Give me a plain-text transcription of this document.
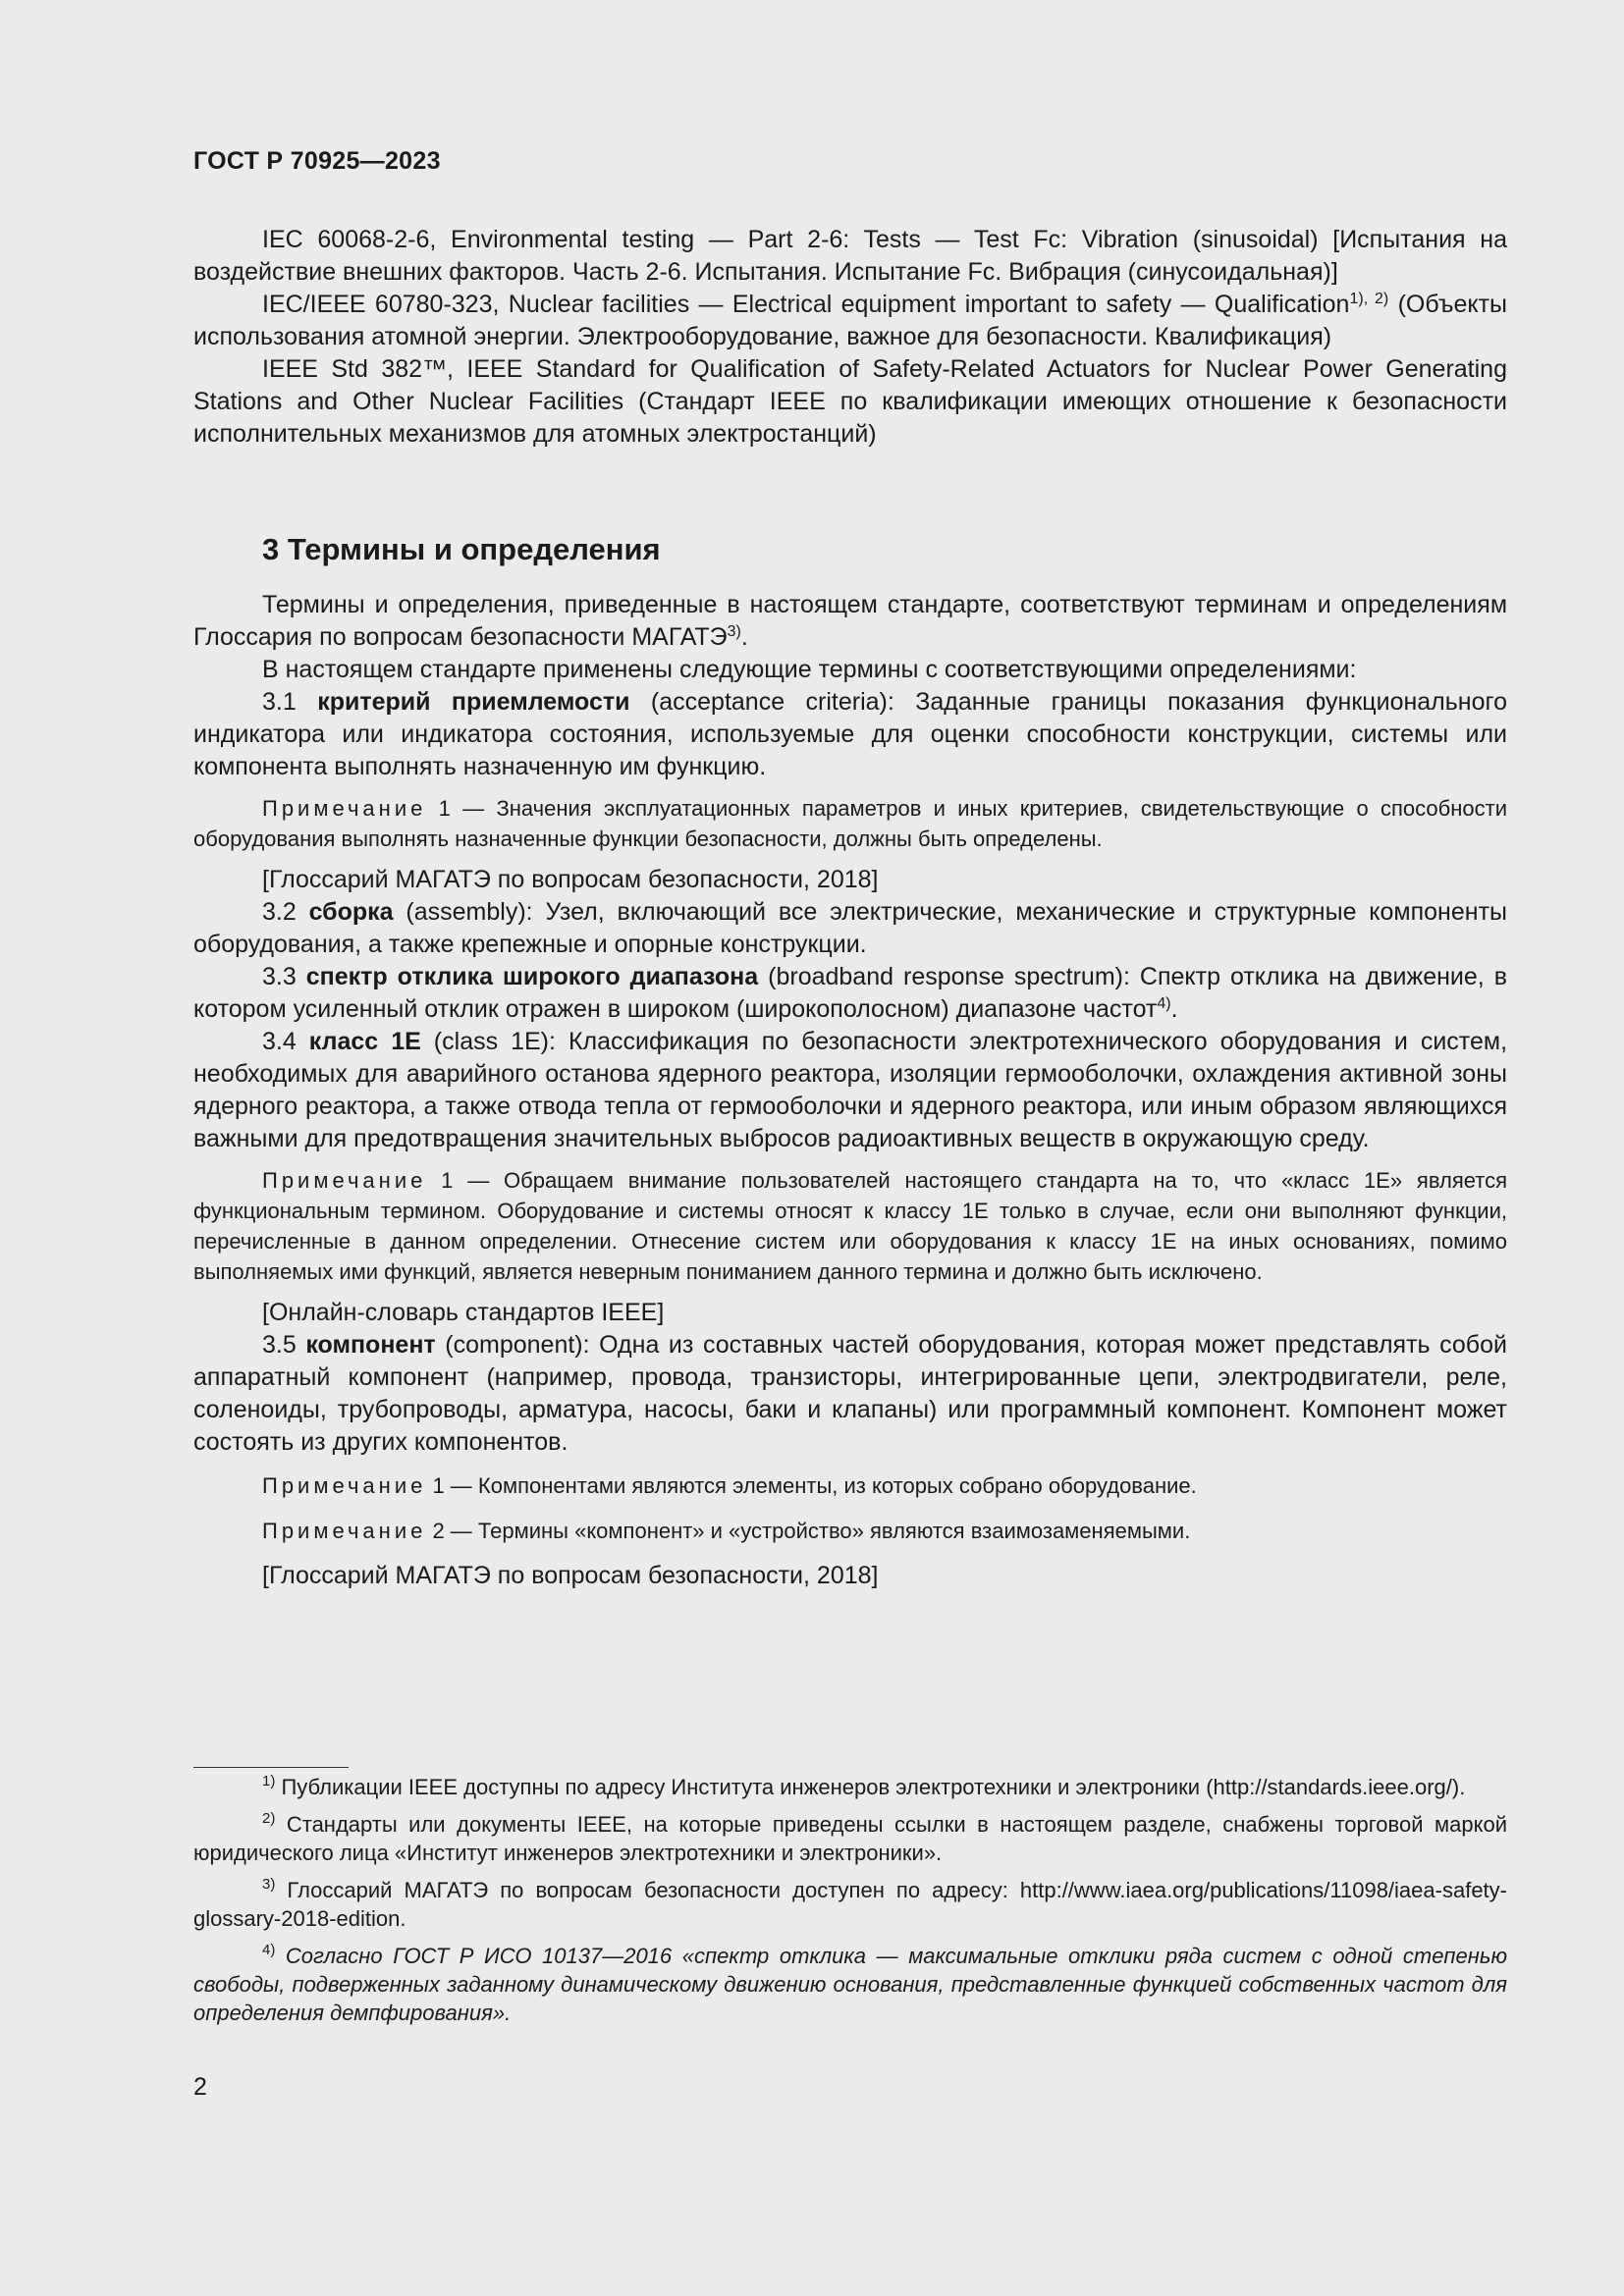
ГОСТ Р 70925—2023

IEC 60068-2-6, Environmental testing — Part 2-6: Tests — Test Fc: Vibration (sinusoidal) [Испытания на воздействие внешних факторов. Часть 2-6. Испытания. Испытание Fc. Вибрация (синусоидальная)]

IEC/IEEE 60780-323, Nuclear facilities — Electrical equipment important to safety — Qualification$^{1), 2)}$ (Объекты использования атомной энергии. Электрооборудование, важное для безопасности. Квалификация)

IEEE Std 382™, IEEE Standard for Qualification of Safety-Related Actuators for Nuclear Power Generating Stations and Other Nuclear Facilities (Стандарт IEEE по квалификации имеющих отношение к безопасности исполнительных механизмов для атомных электростанций)

3 Термины и определения

Термины и определения, приведенные в настоящем стандарте, соответствуют терминам и определениям Глоссария по вопросам безопасности МАГАТЭ$^{3)}$.

В настоящем стандарте применены следующие термины с соответствующими определениями:

3.1 критерий приемлемости (acceptance criteria): Заданные границы показания функционального индикатора или индикатора состояния, используемые для оценки способности конструкции, системы или компонента выполнять назначенную им функцию.

Примечание 1 — Значения эксплуатационных параметров и иных критериев, свидетельствующие о способности оборудования выполнять назначенные функции безопасности, должны быть определены.

[Глоссарий МАГАТЭ по вопросам безопасности, 2018]

3.2 сборка (assembly): Узел, включающий все электрические, механические и структурные компоненты оборудования, а также крепежные и опорные конструкции.

3.3 спектр отклика широкого диапазона (broadband response spectrum): Спектр отклика на движение, в котором усиленный отклик отражен в широком (широкополосном) диапазоне частот$^{4)}$.

3.4 класс 1Е (class 1E): Классификация по безопасности электротехнического оборудования и систем, необходимых для аварийного останова ядерного реактора, изоляции гермооболочки, охлаждения активной зоны ядерного реактора, а также отвода тепла от гермооболочки и ядерного реактора, или иным образом являющихся важными для предотвращения значительных выбросов радиоактивных веществ в окружающую среду.

Примечание 1 — Обращаем внимание пользователей настоящего стандарта на то, что «класс 1Е» является функциональным термином. Оборудование и системы относят к классу 1Е только в случае, если они выполняют функции, перечисленные в данном определении. Отнесение систем или оборудования к классу 1Е на иных основаниях, помимо выполняемых ими функций, является неверным пониманием данного термина и должно быть исключено.

[Онлайн-словарь стандартов IEEE]

3.5 компонент (component): Одна из составных частей оборудования, которая может представлять собой аппаратный компонент (например, провода, транзисторы, интегрированные цепи, электродвигатели, реле, соленоиды, трубопроводы, арматура, насосы, баки и клапаны) или программный компонент. Компонент может состоять из других компонентов.

Примечание 1 — Компонентами являются элементы, из которых собрано оборудование.

Примечание 2 — Термины «компонент» и «устройство» являются взаимозаменяемыми.

[Глоссарий МАГАТЭ по вопросам безопасности, 2018]

$^{1)}$ Публикации IEEE доступны по адресу Института инженеров электротехники и электроники (http://standards.ieee.org/).

$^{2)}$ Стандарты или документы IEEE, на которые приведены ссылки в настоящем разделе, снабжены торговой маркой юридического лица «Институт инженеров электротехники и электроники».

$^{3)}$ Глоссарий МАГАТЭ по вопросам безопасности доступен по адресу: http://www.iaea.org/publications/11098/iaea-safety-glossary-2018-edition.

$^{4)}$ Согласно ГОСТ Р ИСО 10137—2016 «спектр отклика — максимальные отклики ряда систем с одной степенью свободы, подверженных заданному динамическому движению основания, представленные функцией собственных частот для определения демпфирования».

2
